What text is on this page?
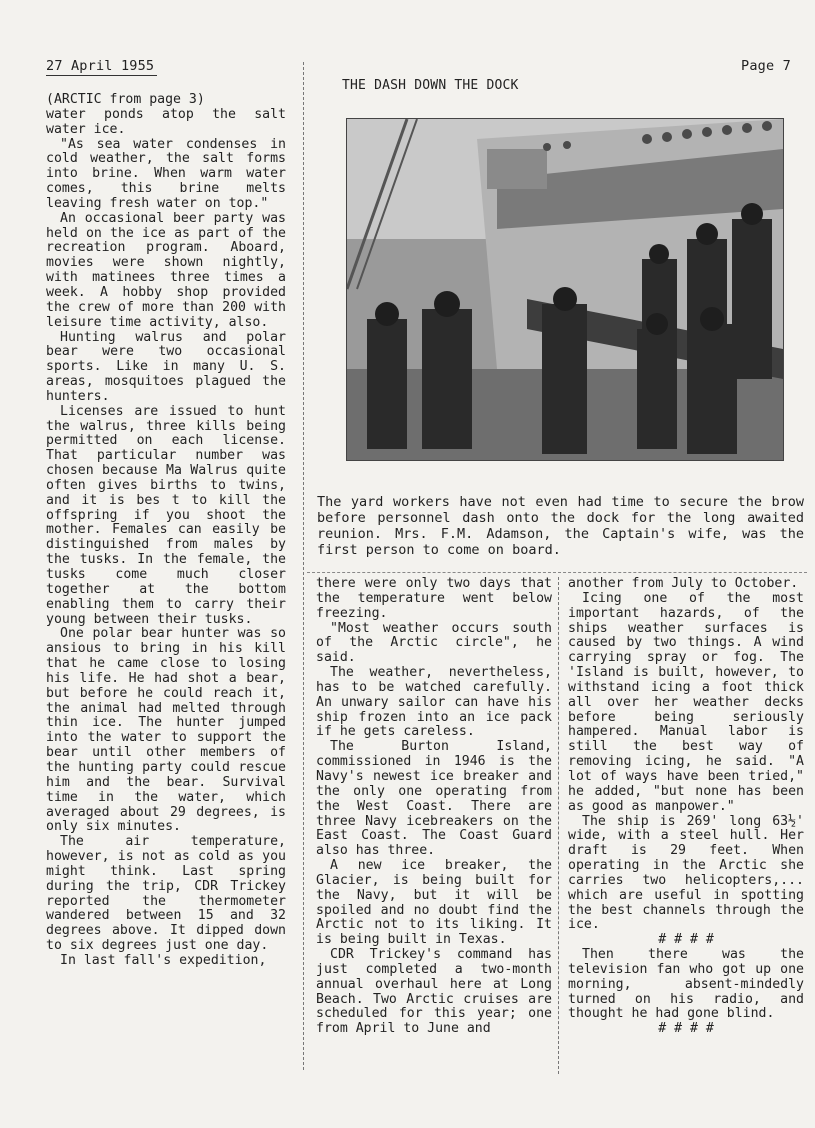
27 April 1955	Page 7

(ARCTIC from page 3)

water ponds atop the salt water ice.

"As sea water condenses in cold weather, the salt forms into brine. When warm water comes, this brine melts leaving fresh water on top."

An occasional beer party was held on the ice as part of the recreation program. Aboard, movies were shown nightly, with matinees three times a week. A hobby shop provided the crew of more than 200 with leisure time activity, also.

Hunting walrus and polar bear were two occasional sports. Like in many U. S. areas, mosquitoes plagued the hunters.

Licenses are issued to hunt the walrus, three kills being permitted on each license. That particular number was chosen because Ma Walrus quite often gives births to twins, and it is bes t to kill the offspring if you shoot the mother. Females can easily be distinguished from males by the tusks. In the female, the tusks come much closer together at the bottom enabling them to carry their young between their tusks.

One polar bear hunter was so ansious to bring in his kill that he came close to losing his life. He had shot a bear, but before he could reach it, the animal had melted through thin ice. The hunter jumped into the water to support the bear until other members of the hunting party could rescue him and the bear. Survival time in the water, which averaged about 29 degrees, is only six minutes.

The air temperature, however, is not as cold as you might think. Last spring during the trip, CDR Trickey reported the thermometer wandered between 15 and 32 degrees above. It dipped down to six degrees just one day.

In last fall's expedition,

THE DASH DOWN THE DOCK
The yard workers have not even had time to secure the brow before personnel dash onto the dock for the long awaited reunion. Mrs. F.M. Adamson, the Captain's wife, was the first person to come on board.

there were only two days that the temperature went below freezing.

"Most weather occurs south of the Arctic circle", he said.

The weather, nevertheless, has to be watched carefully. An unwary sailor can have his ship frozen into an ice pack if he gets careless.

The Burton Island, commissioned in 1946 is the Navy's newest ice breaker and the only one operating from the West Coast. There are three Navy icebreakers on the East Coast. The Coast Guard also has three.

A new ice breaker, the Glacier, is being built for the Navy, but it will be spoiled and no doubt find the Arctic not to its liking. It is being built in Texas.

CDR Trickey's command has just completed a two-month annual overhaul here at Long Beach. Two Arctic cruises are scheduled for this year; one from April to June and

another from July to October.

Icing one of the most important hazards, of the ships weather surfaces is caused by two things. A wind carrying spray or fog. The 'Island is built, however, to withstand icing a foot thick all over her weather decks before being seriously hampered. Manual labor is still the best way of removing icing, he said. "A lot of ways have been tried," he added, "but none has been as good as manpower."

The ship is 269' long 63½' wide, with a steel hull. Her draft is 29 feet. When operating in the Arctic she carries two helicopters,... which are useful in spotting the best channels through the ice.

# # # #

Then there was the television fan who got up one morning, absent-mindedly turned on his radio, and thought he had gone blind.

# # # #
